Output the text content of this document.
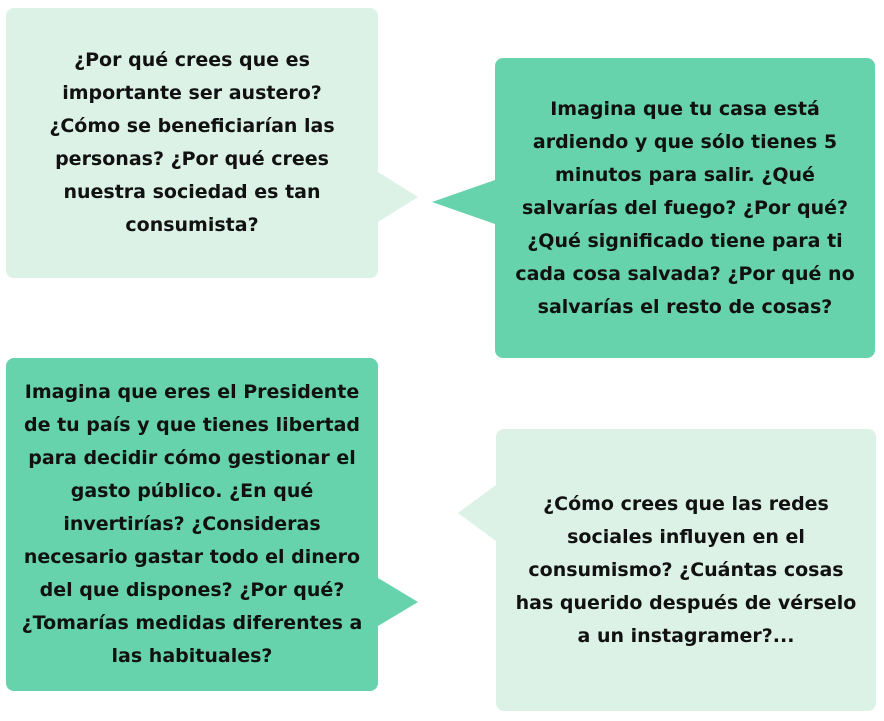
¿Por qué crees que es
importante ser austero?
¿Cómo se beneficiarían las
personas? ¿Por qué crees
nuestra sociedad es tan
consumista?
Imagina que tu casa está
ardiendo y que sólo tienes 5
minutos para salir. ¿Qué
salvarías del fuego? ¿Por qué?
¿Qué significado tiene para ti
cada cosa salvada? ¿Por qué no
salvarías el resto de cosas?
Imagina que eres el Presidente
de tu país y que tienes libertad
para decidir cómo gestionar el
gasto público. ¿En qué
invertirías? ¿Consideras
necesario gastar todo el dinero
del que dispones? ¿Por qué?
¿Tomarías medidas diferentes a
las habituales?
¿Cómo crees que las redes
sociales influyen en el
consumismo? ¿Cuántas cosas
has querido después de vérselo
a un instagramer?...
